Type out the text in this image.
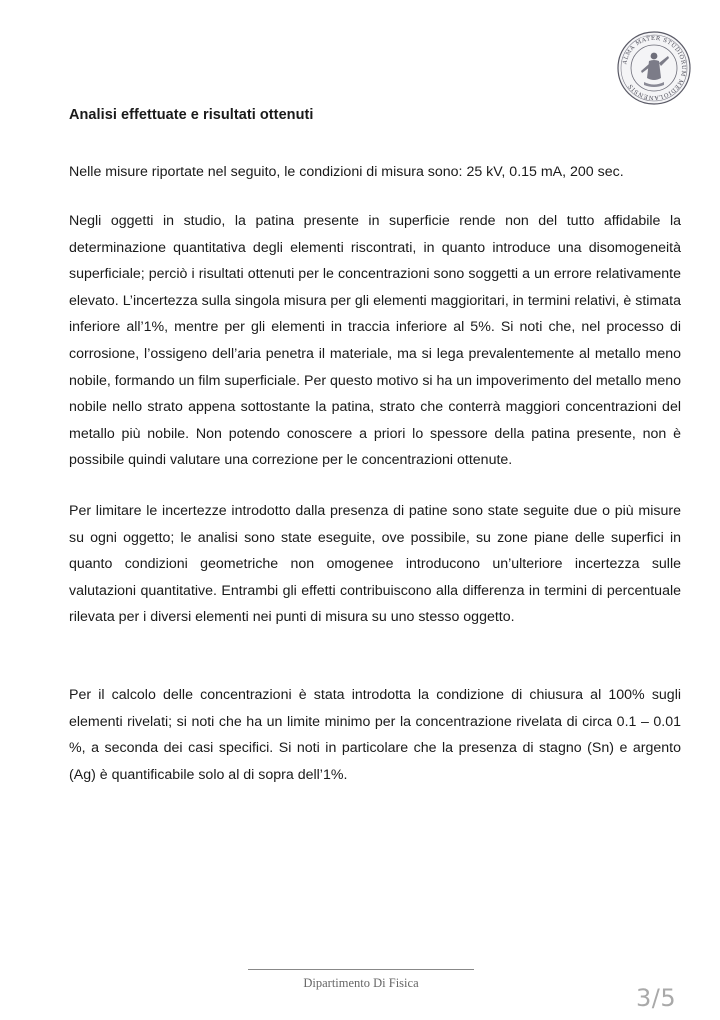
ALMA MATER STUDIORUM MEDIOLANENSIS
Analisi effettuate e risultati ottenuti
Nelle misure riportate nel seguito, le condizioni di misura sono: 25 kV, 0.15 mA, 200 sec.

Negli oggetti in studio, la patina presente in superficie rende non del tutto affidabile la determinazione quantitativa degli elementi riscontrati, in quanto introduce una disomogeneità superficiale; perciò i risultati ottenuti per le concentrazioni sono soggetti a un errore relativamente elevato. L’incertezza sulla singola misura per gli elementi maggioritari, in termini relativi, è stimata inferiore all’1%, mentre per gli elementi in traccia inferiore al 5%. Si noti che, nel processo di corrosione, l’ossigeno dell’aria penetra il materiale, ma si lega prevalentemente al metallo meno nobile, formando un film superficiale. Per questo motivo si ha un impoverimento del metallo meno nobile nello strato appena sottostante la patina, strato che conterrà maggiori concentrazioni del metallo più nobile. Non potendo conoscere a priori lo spessore della patina presente, non è possibile quindi valutare una correzione per le concentrazioni ottenute.

Per limitare le incertezze introdotto dalla presenza di patine sono state seguite due o più misure su ogni oggetto; le analisi sono state eseguite, ove possibile, su zone piane delle superfici in quanto condizioni geometriche non omogenee introducono un’ulteriore incertezza sulle valutazioni quantitative. Entrambi gli effetti contribuiscono alla differenza in termini di percentuale rilevata per i diversi elementi nei punti di misura su uno stesso oggetto.

Per il calcolo delle concentrazioni è stata introdotta la condizione di chiusura al 100% sugli elementi rivelati; si noti che ha un limite minimo per la concentrazione rivelata di circa 0.1 – 0.01 %, a seconda dei casi specifici. Si noti in particolare che la presenza di stagno (Sn) e argento (Ag) è quantificabile solo al di sopra dell’1%.

Dipartimento Di Fisica
3/5
